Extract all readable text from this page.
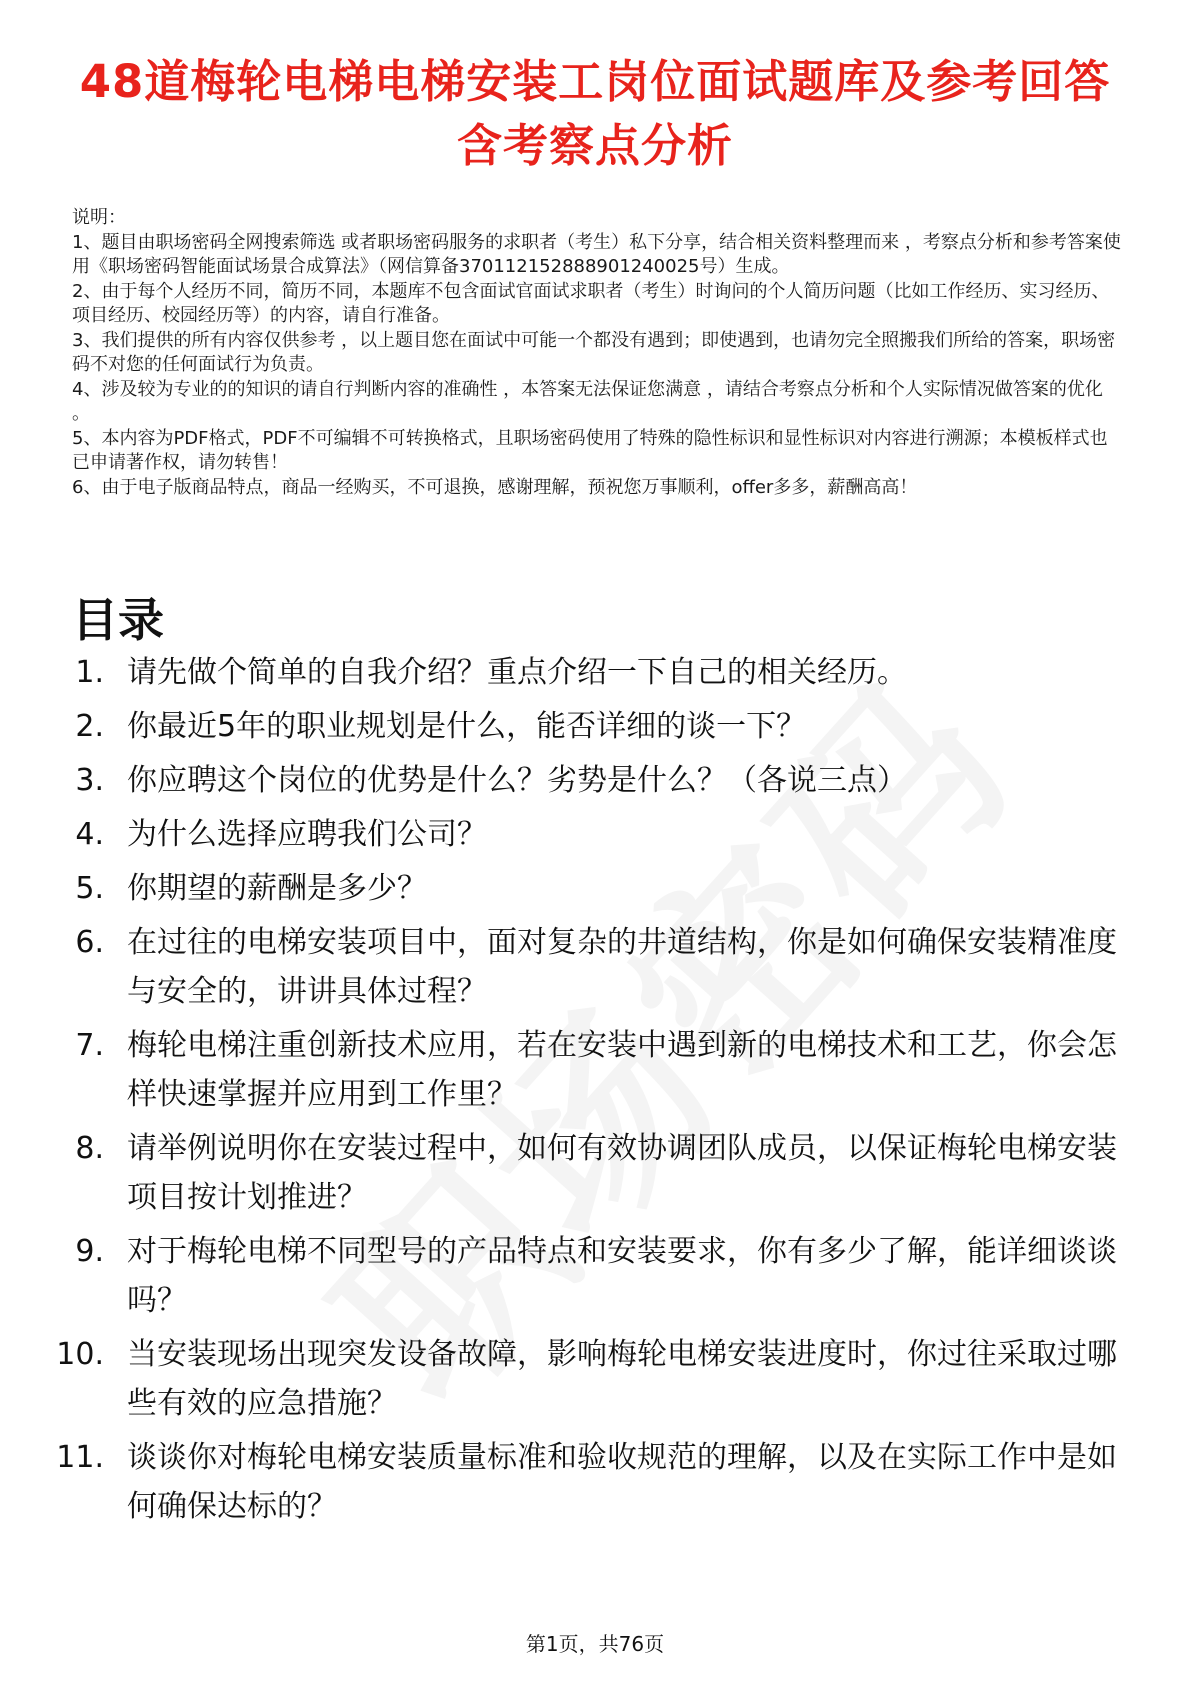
48道梅轮电梯电梯安装工岗位面试题库及参考回答含考察点分析
说明：
1、题目由职场密码全网搜索筛选 或者职场密码服务的求职者（考生）私下分享，结合相关资料整理而来 ，考察点分析和参考答案使用《职场密码智能面试场景合成算法》（网信算备370112152888901240025号）生成。
2、由于每个人经历不同，简历不同，本题库不包含面试官面试求职者（考生）时询问的个人简历问题（比如工作经历、实习经历、项目经历、校园经历等）的内容，请自行准备。
3、我们提供的所有内容仅供参考 ，以上题目您在面试中可能一个都没有遇到；即使遇到，也请勿完全照搬我们所给的答案，职场密码不对您的任何面试行为负责。
4、涉及较为专业的的知识的请自行判断内容的准确性 ，本答案无法保证您满意 ，请结合考察点分析和个人实际情况做答案的优化 。
5、本内容为PDF格式，PDF不可编辑不可转换格式，且职场密码使用了特殊的隐性标识和显性标识对内容进行溯源；本模板样式也已申请著作权，请勿转售！
6、由于电子版商品特点，商品一经购买，不可退换，感谢理解，预祝您万事顺利，offer多多，薪酬高高！
目录
1. 请先做个简单的自我介绍？重点介绍一下自己的相关经历。
2. 你最近5年的职业规划是什么，能否详细的谈一下？
3. 你应聘这个岗位的优势是什么？劣势是什么？（各说三点）
4. 为什么选择应聘我们公司？
5. 你期望的薪酬是多少？
6. 在过往的电梯安装项目中，面对复杂的井道结构，你是如何确保安装精准度与安全的，讲讲具体过程？
7. 梅轮电梯注重创新技术应用，若在安装中遇到新的电梯技术和工艺，你会怎样快速掌握并应用到工作里？
8. 请举例说明你在安装过程中，如何有效协调团队成员，以保证梅轮电梯安装项目按计划推进？
9. 对于梅轮电梯不同型号的产品特点和安装要求，你有多少了解，能详细谈谈吗？
10. 当安装现场出现突发设备故障，影响梅轮电梯安装进度时，你过往采取过哪些有效的应急措施？
11. 谈谈你对梅轮电梯安装质量标准和验收规范的理解，以及在实际工作中是如何确保达标的？
第1页，共76页
